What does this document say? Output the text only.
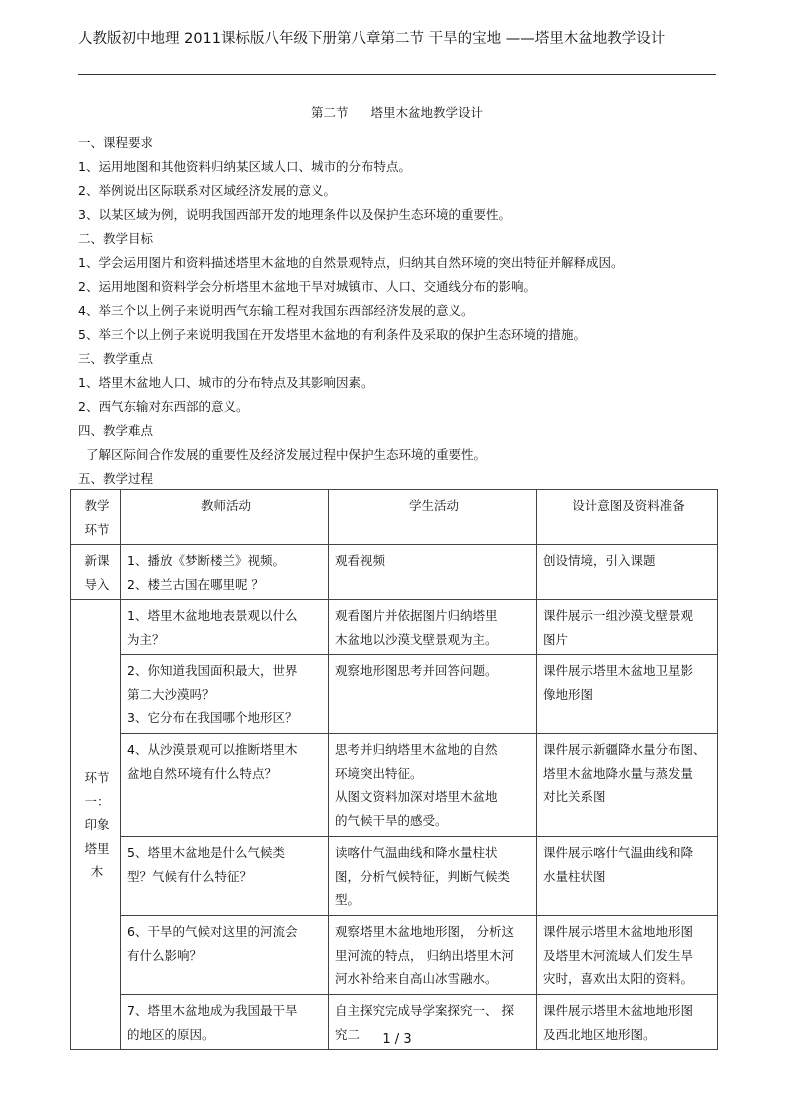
人教版初中地理 2011课标版八年级下册第八章第二节 干旱的宝地 ——塔里木盆地教学设计
第二节 塔里木盆地教学设计
一、课程要求
1、运用地图和其他资料归纳某区域人口、城市的分布特点。
2、举例说出区际联系对区域经济发展的意义。
3、以某区域为例，说明我国西部开发的地理条件以及保护生态环境的重要性。
二、教学目标
1、学会运用图片和资料描述塔里木盆地的自然景观特点，归纳其自然环境的突出特征并解释成因。
2、运用地图和资料学会分析塔里木盆地干旱对城镇市、人口、交通线分布的影响。
4、举三个以上例子来说明西气东输工程对我国东西部经济发展的意义。
5、举三个以上例子来说明我国在开发塔里木盆地的有利条件及采取的保护生态环境的措施。
三、教学重点
1、塔里木盆地人口、城市的分布特点及其影响因素。
2、西气东输对东西部的意义。
四、教学难点
了解区际间合作发展的重要性及经济发展过程中保护生态环境的重要性。
五、教学过程
教学
环节	教师活动	学生活动	设计意图及资料准备

新课
导入	1、播放《梦断楼兰》视频。
2、楼兰古国在哪里呢 ？	观看视频	创设情境，引入课题

环节
一：
印象
塔里
木	1、塔里木盆地地表景观以什么
为主？	观看图片并依据图片归纳塔里
木盆地以沙漠戈壁景观为主。	课件展示一组沙漠戈壁景观
图片

	2、你知道我国面积最大，世界
第二大沙漠吗？
3、它分布在我国哪个地形区？	观察地形图思考并回答问题。	课件展示塔里木盆地卫星影
像地形图

	4、从沙漠景观可以推断塔里木
盆地自然环境有什么特点？	思考并归纳塔里木盆地的自然
环境突出特征。
从图文资料加深对塔里木盆地
的气候干旱的感受。	课件展示新疆降水量分布图、
塔里木盆地降水量与蒸发量
对比关系图

	5、塔里木盆地是什么气候类
型？气候有什么特征？	读喀什气温曲线和降水量柱状
图，分析气候特征，判断气候类
型。	课件展示喀什气温曲线和降
水量柱状图

	6、干旱的气候对这里的河流会
有什么影响？	观察塔里木盆地地形图， 分析这
里河流的特点， 归纳出塔里木河
河水补给来自高山冰雪融水。	课件展示塔里木盆地地形图
及塔里木河流域人们发生旱
灾时，喜欢出太阳的资料。

	7、塔里木盆地成为我国最干旱
的地区的原因。	自主探究完成导学案探究一、 探
究二	课件展示塔里木盆地地形图
及西北地区地形图。
1 / 3
